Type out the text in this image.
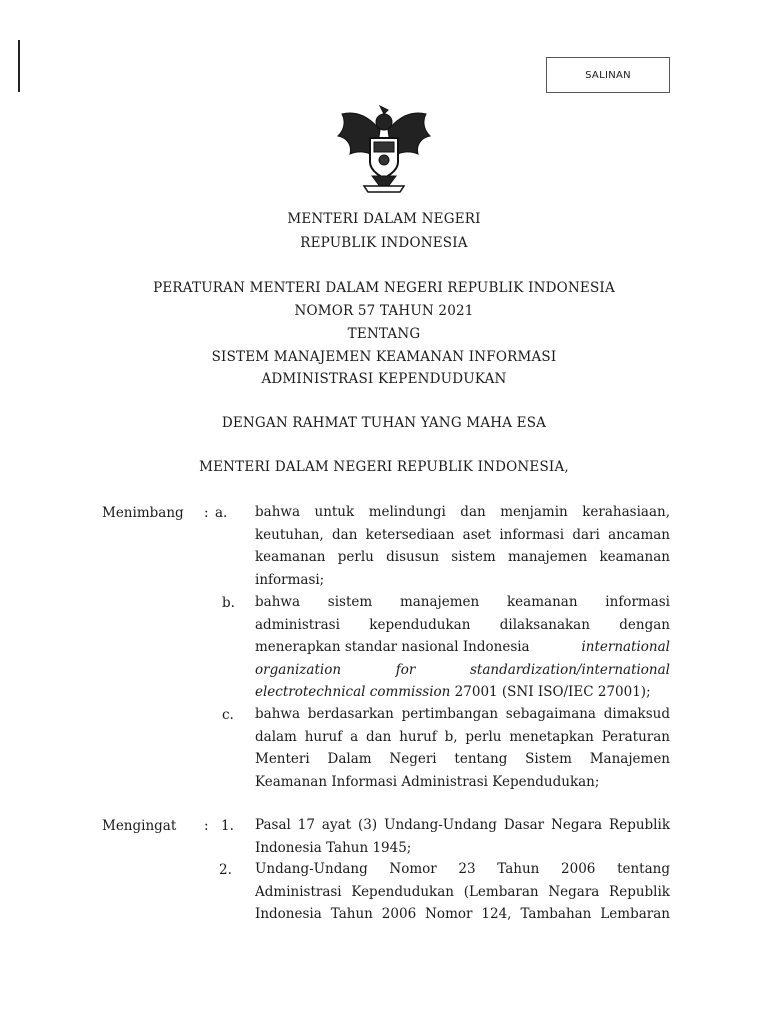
SALINAN
MENTERI DALAM NEGERI
REPUBLIK INDONESIA
PERATURAN MENTERI DALAM NEGERI REPUBLIK INDONESIA
NOMOR 57 TAHUN 2021
TENTANG
SISTEM MANAJEMEN KEAMANAN INFORMASI
ADMINISTRASI KEPENDUDUKAN
DENGAN RAHMAT TUHAN YANG MAHA ESA
MENTERI DALAM NEGERI REPUBLIK INDONESIA,
Menimbang : a. bahwa untuk melindungi dan menjamin kerahasiaan,
keutuhan, dan ketersediaan aset informasi dari ancaman
keamanan perlu disusun sistem manajemen keamanan
informasi;
b. bahwa sistem manajemen keamanan informasi
administrasi kependudukan dilaksanakan dengan
menerapkan standar nasional Indonesia	international
organization	for	standardization/international
electrotechnical commission 27001 (SNI ISO/IEC 27001);
c. bahwa berdasarkan pertimbangan sebagaimana dimaksud
dalam huruf a dan huruf b, perlu menetapkan Peraturan
Menteri Dalam Negeri tentang Sistem Manajemen
Keamanan Informasi Administrasi Kependudukan;
Mengingat : 1. Pasal 17 ayat (3) Undang-Undang Dasar Negara Republik
Indonesia Tahun 1945;
2. Undang-Undang Nomor 23 Tahun 2006 tentang
Administrasi Kependudukan (Lembaran Negara Republik
Indonesia Tahun 2006 Nomor 124, Tambahan Lembaran
